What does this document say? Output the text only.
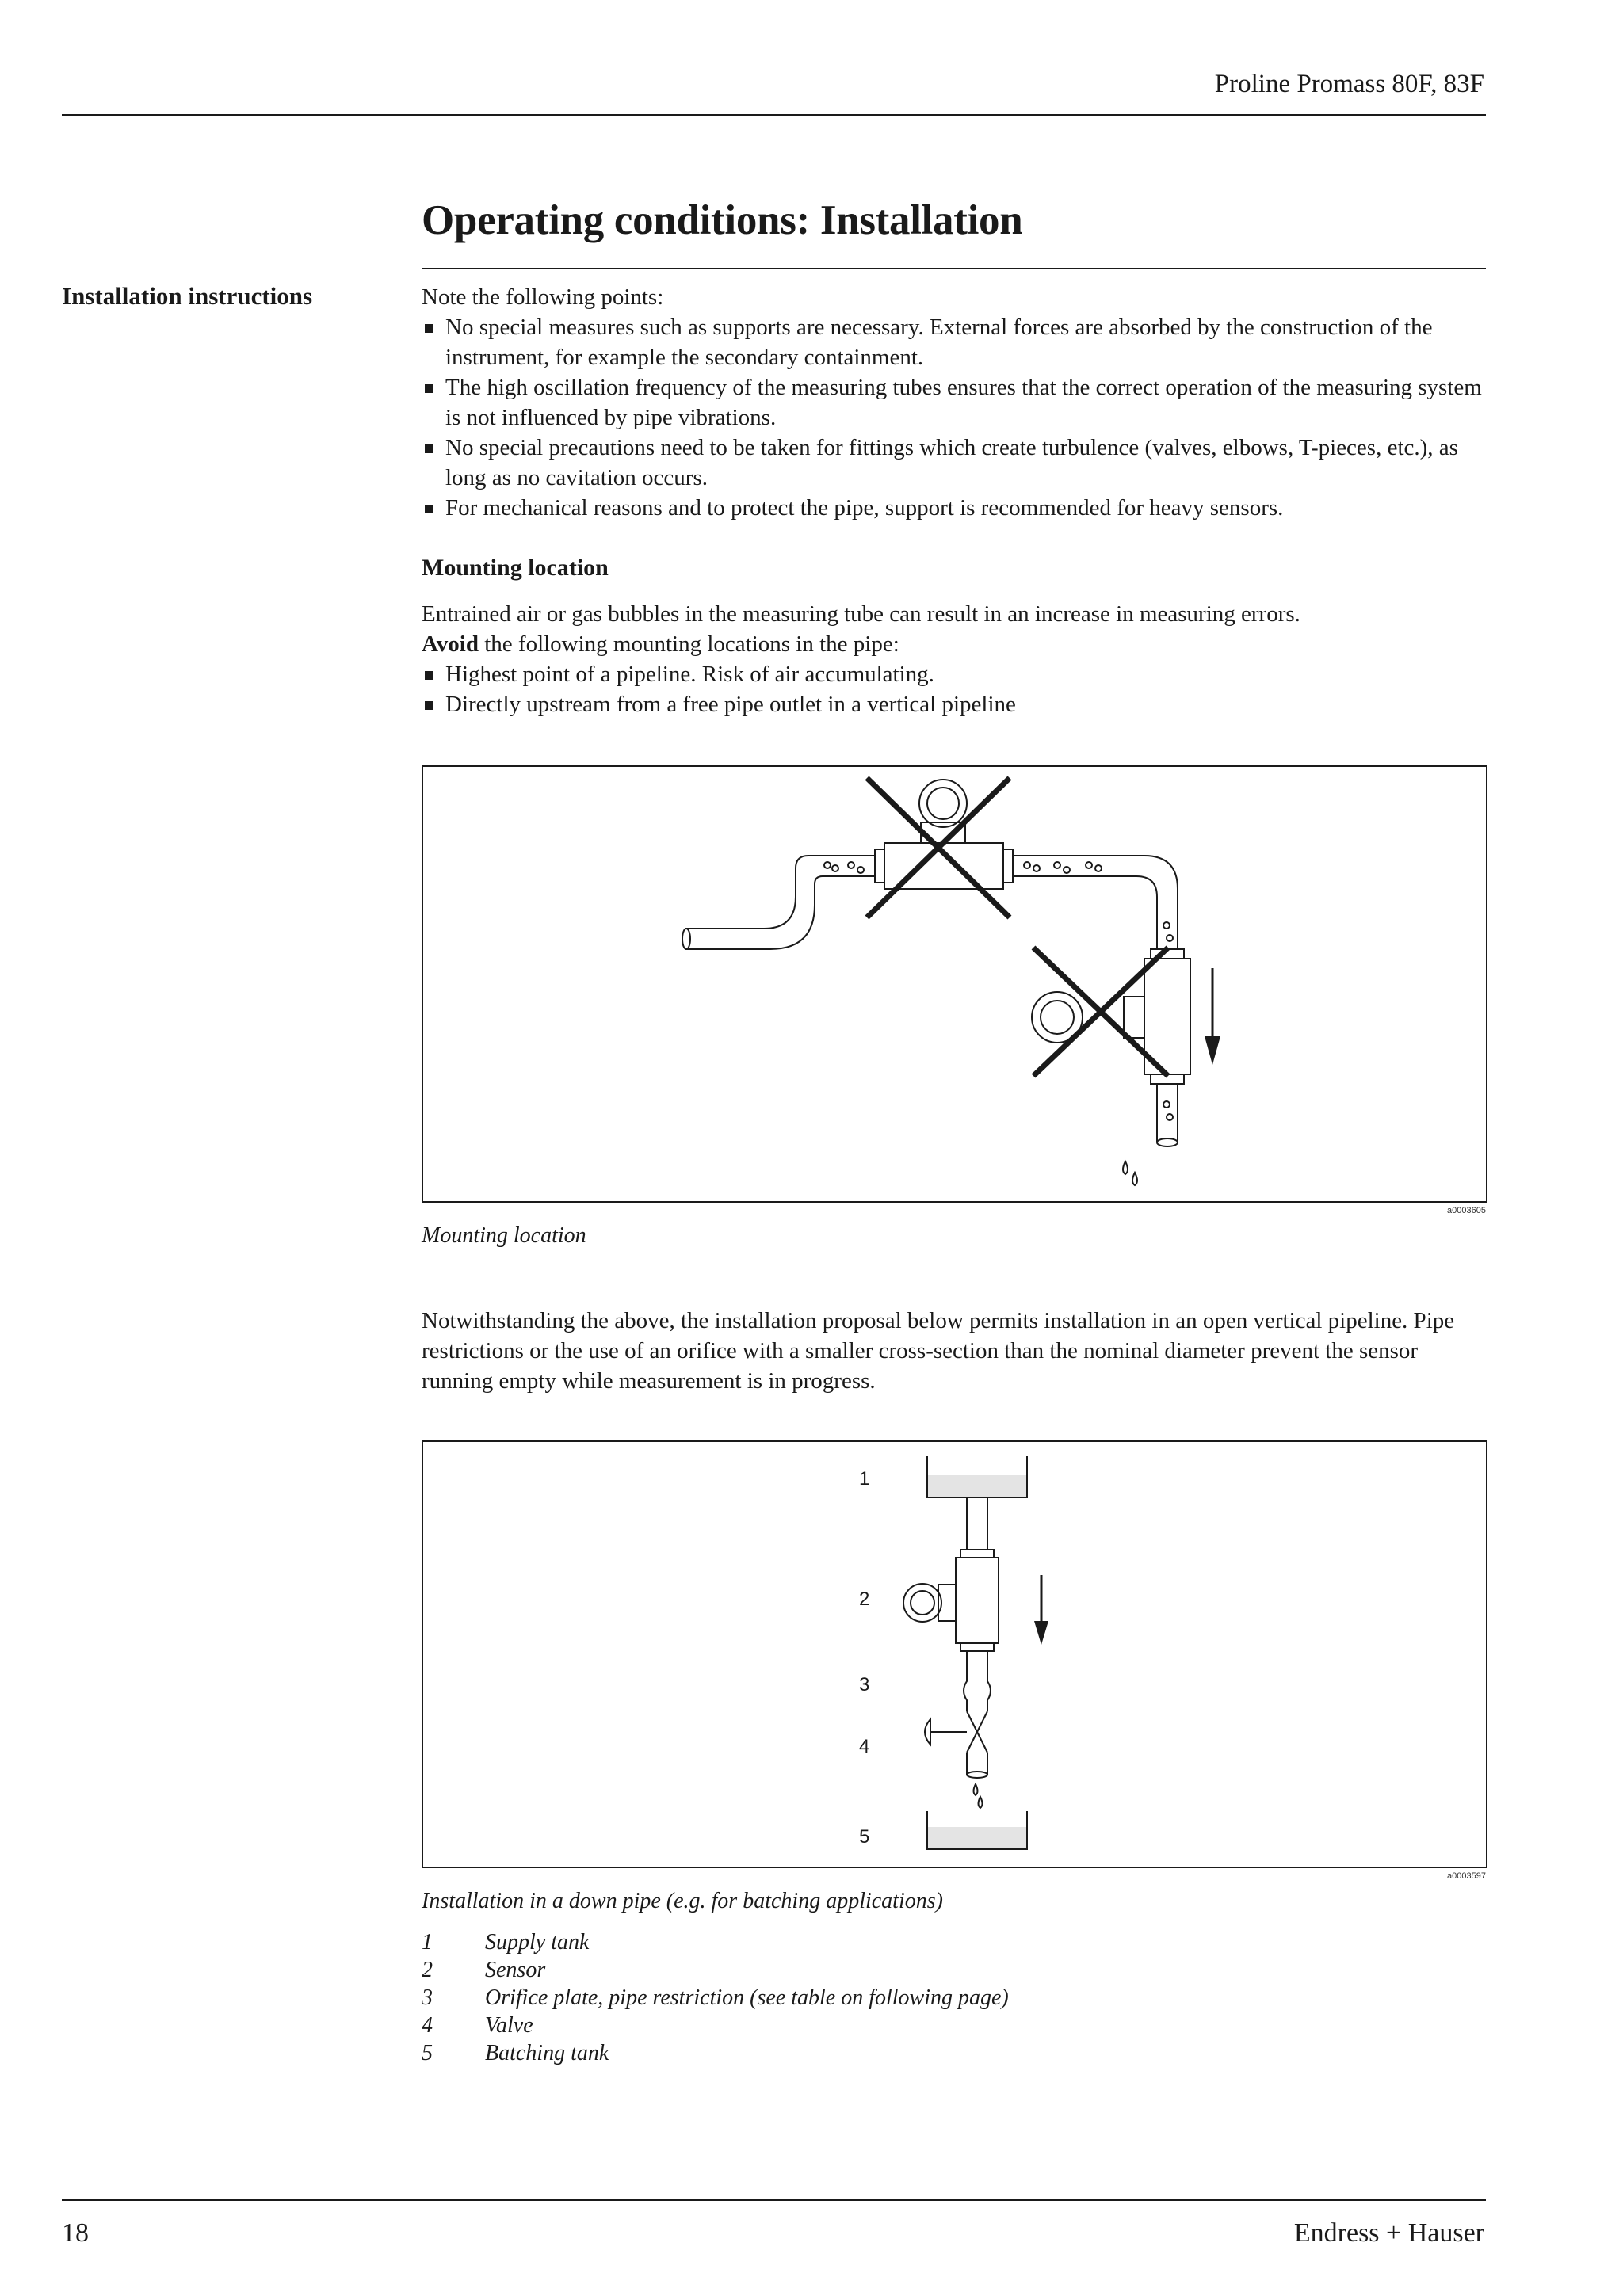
Proline Promass 80F, 83F
Operating conditions: Installation
Installation instructions	Note the following points:
No special measures such as supports are necessary. External forces are absorbed by the construction of the instrument, for example the secondary containment.
The high oscillation frequency of the measuring tubes ensures that the correct operation of the measuring system is not influenced by pipe vibrations.
No special precautions need to be taken for fittings which create turbulence (valves, elbows, T-pieces, etc.), as long as no cavitation occurs.
For mechanical reasons and to protect the pipe, support is recommended for heavy sensors.
Mounting location
Entrained air or gas bubbles in the measuring tube can result in an increase in measuring errors.
Avoid the following mounting locations in the pipe:
Highest point of a pipeline. Risk of air accumulating.
Directly upstream from a free pipe outlet in a vertical pipeline
a0003605
Mounting location
Notwithstanding the above, the installation proposal below permits installation in an open vertical pipeline. Pipe restrictions or the use of an orifice with a smaller cross-section than the nominal diameter prevent the sensor running empty while measurement is in progress.
1
2
3
4
5
a0003597
Installation in a down pipe (e.g. for batching applications)
1 Supply tank
2 Sensor
3 Orifice plate, pipe restriction (see table on following page)
4 Valve
5 Batching tank
18	Endress + Hauser
